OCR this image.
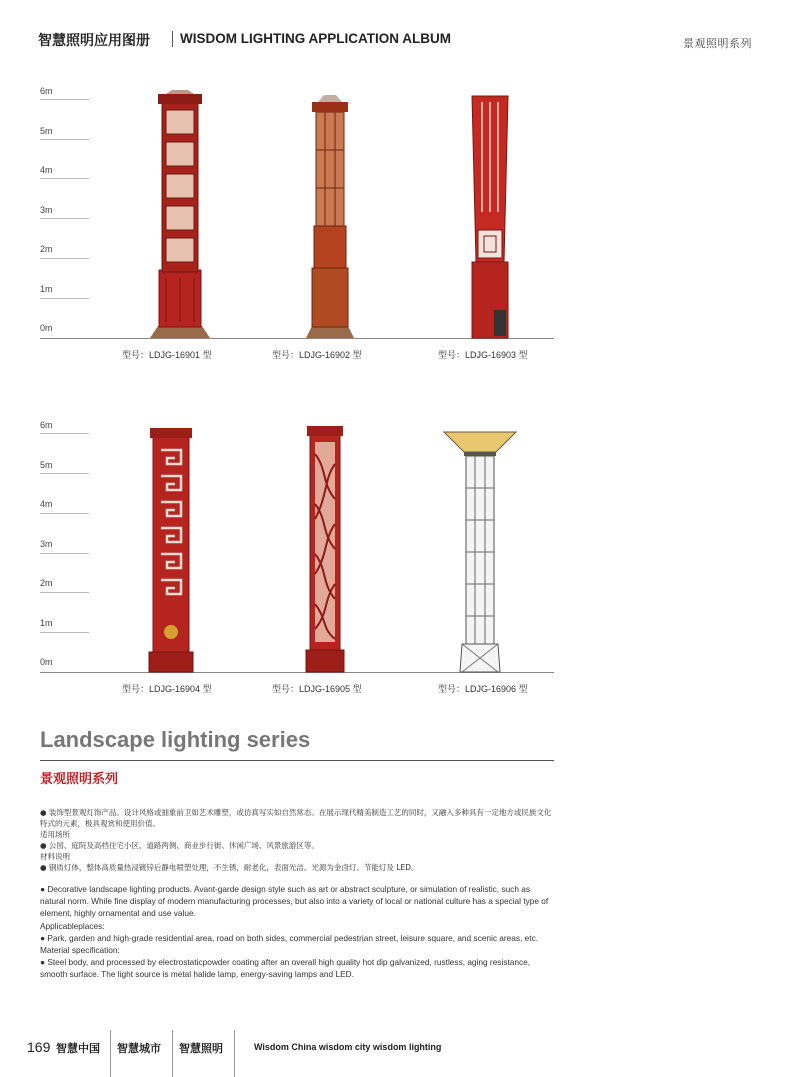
智慧照明应用图册 WISDOM LIGHTING APPLICATION ALBUM	景观照明系列
6m
5m
4m
3m
2m
1m
0m
型号：LDJG-16901 型	型号：LDJG-16902 型	型号：LDJG-16903 型
6m
5m
4m
3m
2m
1m
0m
型号：LDJG-16904 型	型号：LDJG-16905 型	型号：LDJG-16906 型
Landscape lighting series
景观照明系列

● 装饰型景观灯饰产品。设计风格或抽象前卫如艺术雕塑，或仿真写实如自然常态。在展示现代精美制造工艺的同时，又融入多种具有一定地方或民族文化特式的元素，极具观赏和使用价值。

适用场所

● 公园、庭院及高档住宅小区、道路两侧、商业步行街、休闲广场、风景旅游区等。

材料说明

● 钢质灯体，整体高质量热浸镀锌后静电喷塑处理，不生锈，耐老化，表面光洁。光源为金卤灯、节能灯及 LED。

● Decorative landscape lighting products. Avant-garde design style such as art or abstract sculpture, or simulation of realistic, such as natural norm. While fine display of modern manufacturing processes, but also into a variety of local or national culture has a special type of element, highly ornamental and use value.

Applicableplaces:

● Park, garden and high-grade residential area, road on both sides, commercial pedestrian street, leisure square, and scenic areas, etc.

Material specification:

● Steel body, and processed by electrostaticpowder coating after an overall high quality hot dip galvanized, rustless, aging resistance, smooth surface. The light source is metal halide lamp, energy-saving lamps and LED.

169 智慧中国 智慧城市 智慧照明	Wisdom China wisdom city wisdom lighting
